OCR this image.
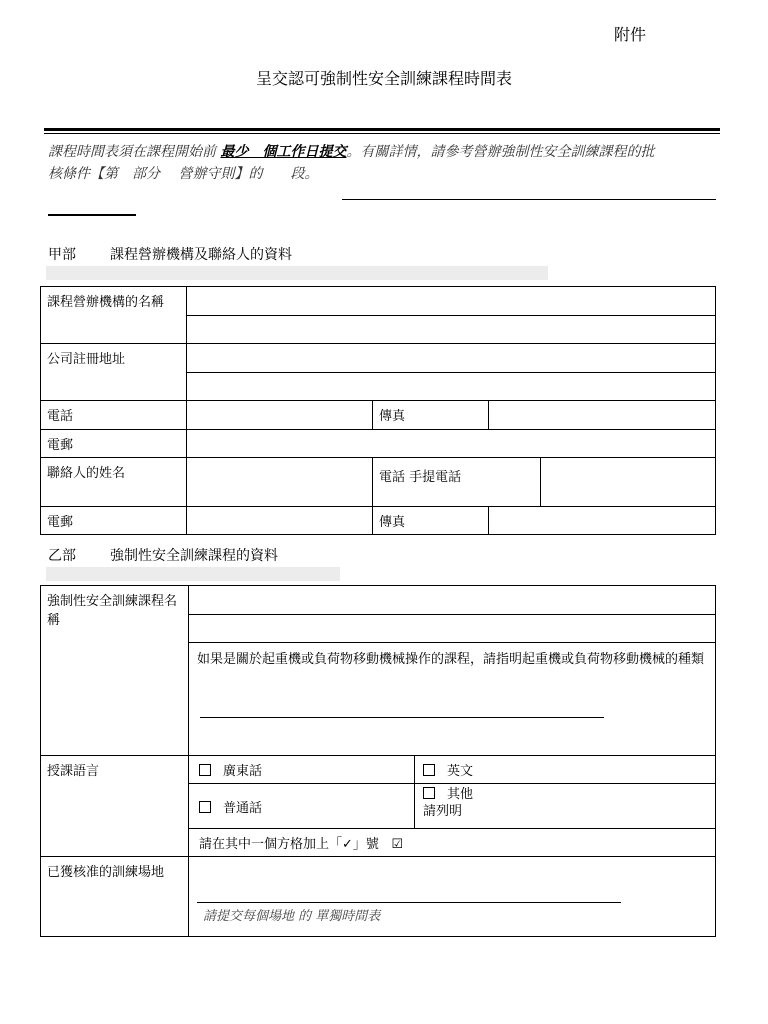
附件
呈交認可強制性安全訓練課程時間表
課程時間表須在課程開始前 最少　個工作日提交。有關詳情，請參考營辦強制性安全訓練課程的批
核條件【第　部分　 營辦守則】的　　段。
甲部 課程營辦機構及聯絡人的資料
課程營辦機構的名稱				

公司註冊地址				

電話		傳真		
電郵				
聯絡人的姓名		電話 手提電話		
電郵		傳真		
乙部 強制性安全訓練課程的資料
強制性安全訓練課程名稱		

	如果是關於起重機或負荷物移動機械操作的課程，請指明起重機或負荷物移動機械的種類	

授課語言	廣東話	英文
	普通話	其他
請列明
	請在其中一個方格加上「✓」號 ☑	
已獲核准的訓練場地	請提交每個場地 的 單獨時間表	
